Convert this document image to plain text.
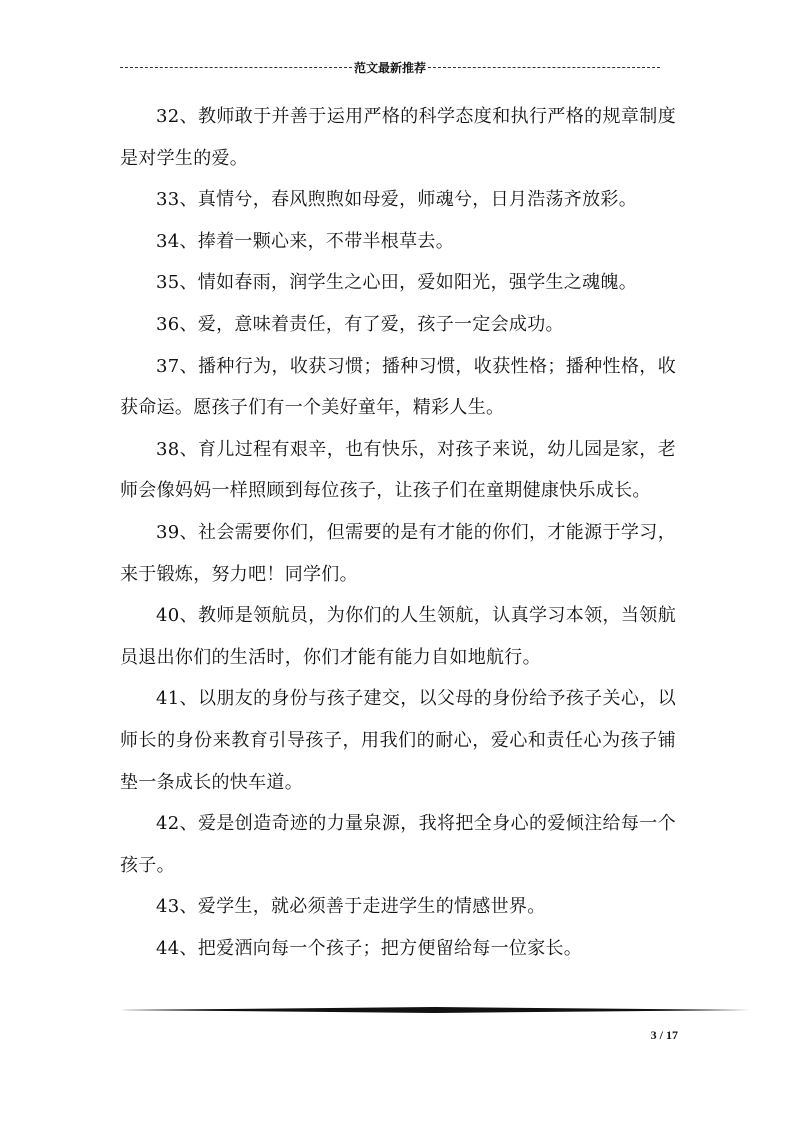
范文最新推荐

32、教师敢于并善于运用严格的科学态度和执行严格的规章制度是对学生的爱。

33、真情兮，春风煦煦如母爱，师魂兮，日月浩荡齐放彩。

34、捧着一颗心来，不带半根草去。

35、情如春雨，润学生之心田，爱如阳光，强学生之魂魄。

36、爱，意味着责任，有了爱，孩子一定会成功。

37、播种行为，收获习惯；播种习惯，收获性格；播种性格，收获命运。愿孩子们有一个美好童年，精彩人生。

38、育儿过程有艰辛，也有快乐，对孩子来说，幼儿园是家，老师会像妈妈一样照顾到每位孩子，让孩子们在童期健康快乐成长。

39、社会需要你们，但需要的是有才能的你们，才能源于学习，来于锻炼，努力吧！同学们。

40、教师是领航员，为你们的人生领航，认真学习本领，当领航员退出你们的生活时，你们才能有能力自如地航行。

41、以朋友的身份与孩子建交，以父母的身份给予孩子关心，以师长的身份来教育引导孩子，用我们的耐心，爱心和责任心为孩子铺垫一条成长的快车道。

42、爱是创造奇迹的力量泉源，我将把全身心的爱倾注给每一个孩子。

43、爱学生，就必须善于走进学生的情感世界。

44、把爱洒向每一个孩子；把方便留给每一位家长。

3 / 17
